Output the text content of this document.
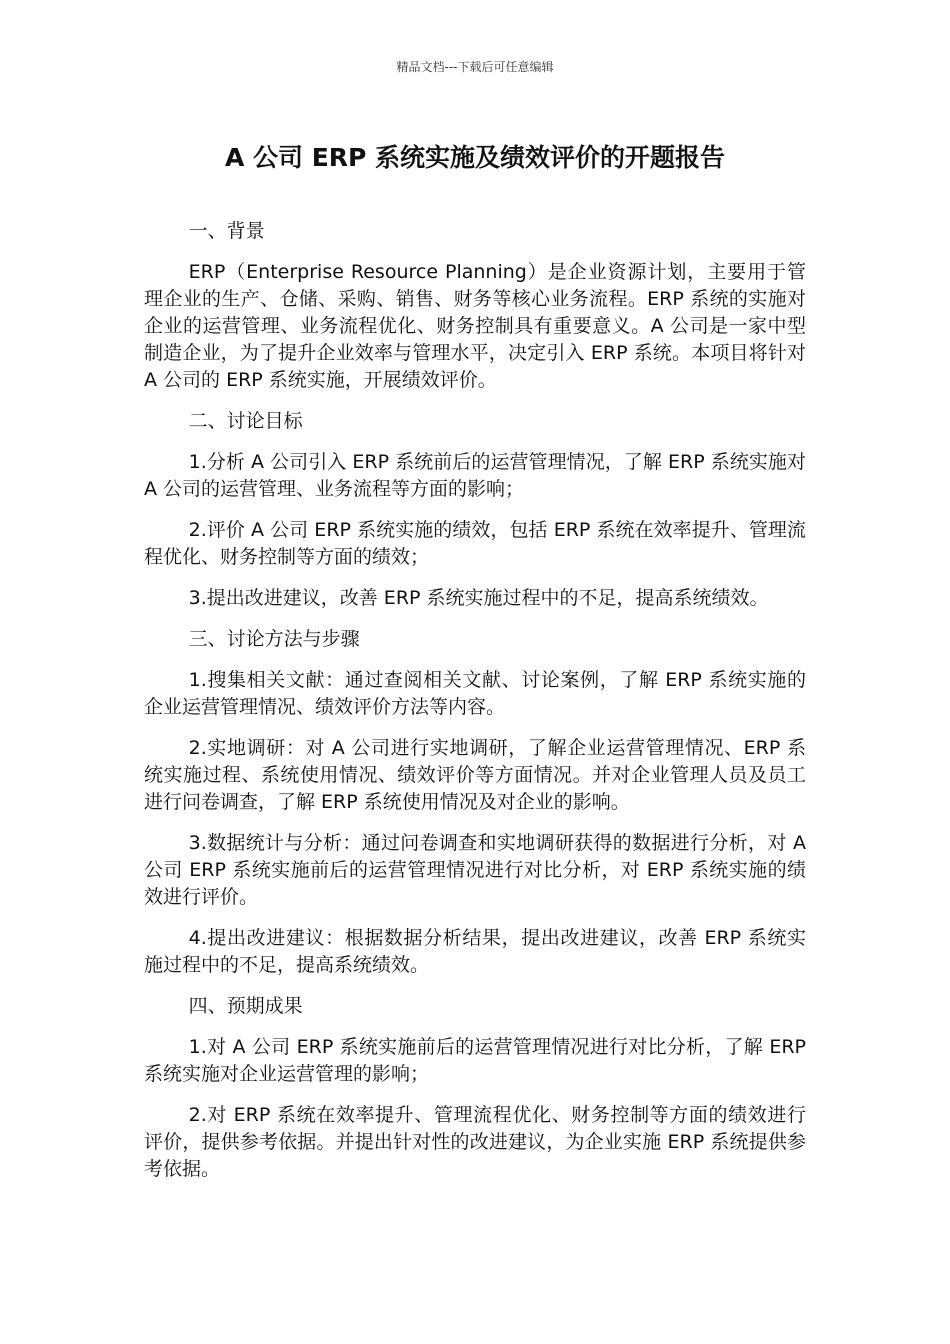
精品文档---下载后可任意编辑
A 公司 ERP 系统实施及绩效评价的开题报告

一、背景

ERP（Enterprise Resource Planning）是企业资源计划，主要用于管理企业的生产、仓储、采购、销售、财务等核心业务流程。ERP 系统的实施对企业的运营管理、业务流程优化、财务控制具有重要意义。A 公司是一家中型制造企业，为了提升企业效率与管理水平，决定引入 ERP 系统。本项目将针对 A 公司的 ERP 系统实施，开展绩效评价。

二、讨论目标

1.分析 A 公司引入 ERP 系统前后的运营管理情况，了解 ERP 系统实施对 A 公司的运营管理、业务流程等方面的影响；

2.评价 A 公司 ERP 系统实施的绩效，包括 ERP 系统在效率提升、管理流程优化、财务控制等方面的绩效；

3.提出改进建议，改善 ERP 系统实施过程中的不足，提高系统绩效。

三、讨论方法与步骤

1.搜集相关文献：通过查阅相关文献、讨论案例，了解 ERP 系统实施的企业运营管理情况、绩效评价方法等内容。

2.实地调研：对 A 公司进行实地调研，了解企业运营管理情况、ERP 系统实施过程、系统使用情况、绩效评价等方面情况。并对企业管理人员及员工进行问卷调查，了解 ERP 系统使用情况及对企业的影响。

3.数据统计与分析：通过问卷调查和实地调研获得的数据进行分析，对 A 公司 ERP 系统实施前后的运营管理情况进行对比分析，对 ERP 系统实施的绩效进行评价。

4.提出改进建议：根据数据分析结果，提出改进建议，改善 ERP 系统实施过程中的不足，提高系统绩效。

四、预期成果

1.对 A 公司 ERP 系统实施前后的运营管理情况进行对比分析，了解 ERP 系统实施对企业运营管理的影响；

2.对 ERP 系统在效率提升、管理流程优化、财务控制等方面的绩效进行评价，提供参考依据。并提出针对性的改进建议，为企业实施 ERP 系统提供参考依据。
